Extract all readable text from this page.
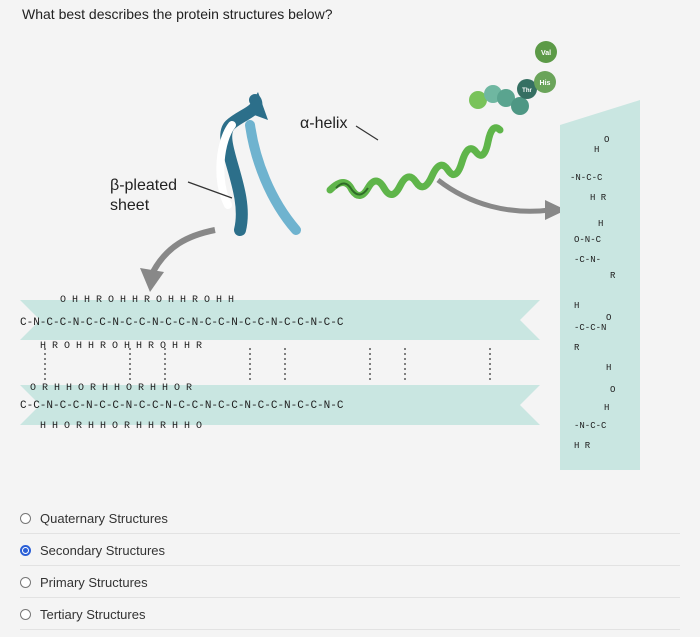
What best describes the protein structures below?
Val
His
Thr
β-pleated
sheet
α-helix
O H H R O H H R O H H R O H H
C-N-C-C-N-C-C-N-C-C-N-C-C-N-C-C-N-C-C-N-C-C-N-C-C
H R O H H R O H H R O H H R
O R H H O R H H O R H H O R
C-C-N-C-C-N-C-C-N-C-C-N-C-C-N-C-C-N-C-C-N-C-C-N-C
H H O R H H O R H H R H H O
O
H
-N-C-C
H R
H
O-N-C
-C-N-
R
H
O
-C-C-N
R
H
O
H
-N-C-C
H R
Quaternary Structures
Secondary Structures
Primary Structures
Tertiary Structures
